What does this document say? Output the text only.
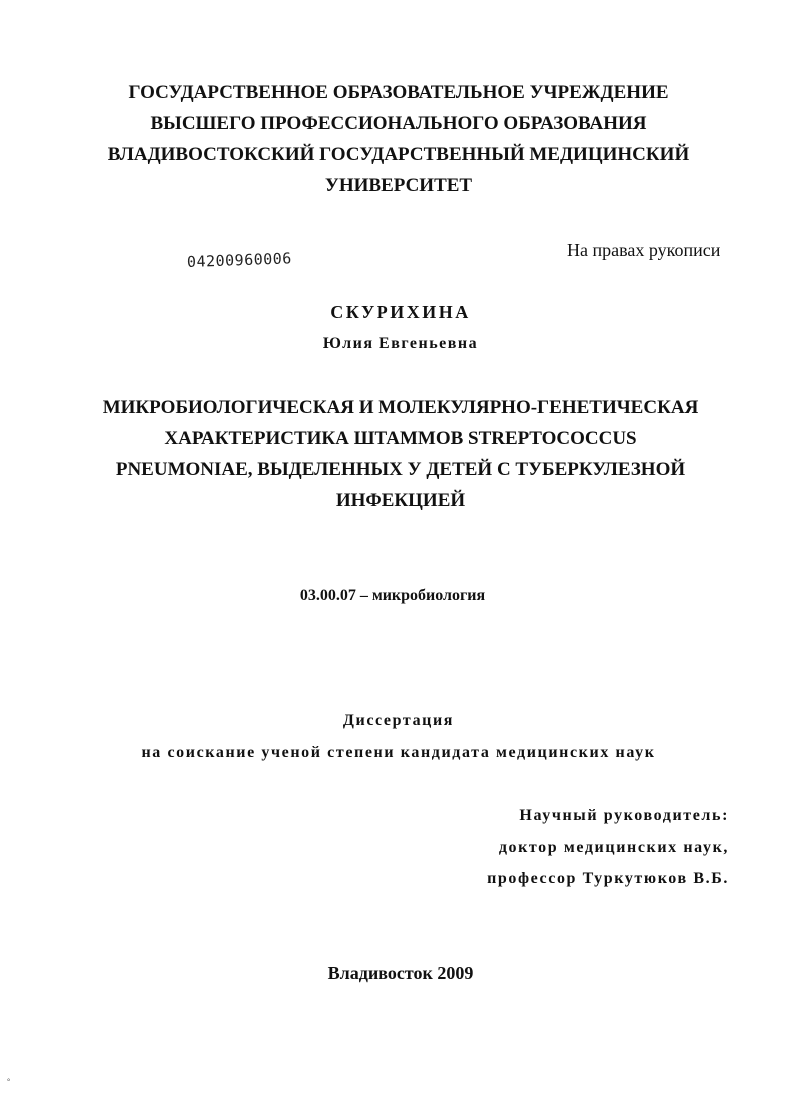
ГОСУДАРСТВЕННОЕ ОБРАЗОВАТЕЛЬНОЕ УЧРЕЖДЕНИЕ
ВЫСШЕГО ПРОФЕССИОНАЛЬНОГО ОБРАЗОВАНИЯ
ВЛАДИВОСТОКСКИЙ ГОСУДАРСТВЕННЫЙ МЕДИЦИНСКИЙ
УНИВЕРСИТЕТ
04200960006	На правах рукописи
СКУРИХИНА
Юлия Евгеньевна
МИКРОБИОЛОГИЧЕСКАЯ И МОЛЕКУЛЯРНО-ГЕНЕТИЧЕСКАЯ
ХАРАКТЕРИСТИКА ШТАММОВ STREPTOCOCCUS
PNEUMONIAE, ВЫДЕЛЕННЫХ У ДЕТЕЙ С ТУБЕРКУЛЕЗНОЙ
ИНФЕКЦИЕЙ
03.00.07 – микробиология
Диссертация
на соискание ученой степени кандидата медицинских наук
Научный руководитель:
доктор медицинских наук,
профессор Туркутюков В.Б.
Владивосток 2009
°
